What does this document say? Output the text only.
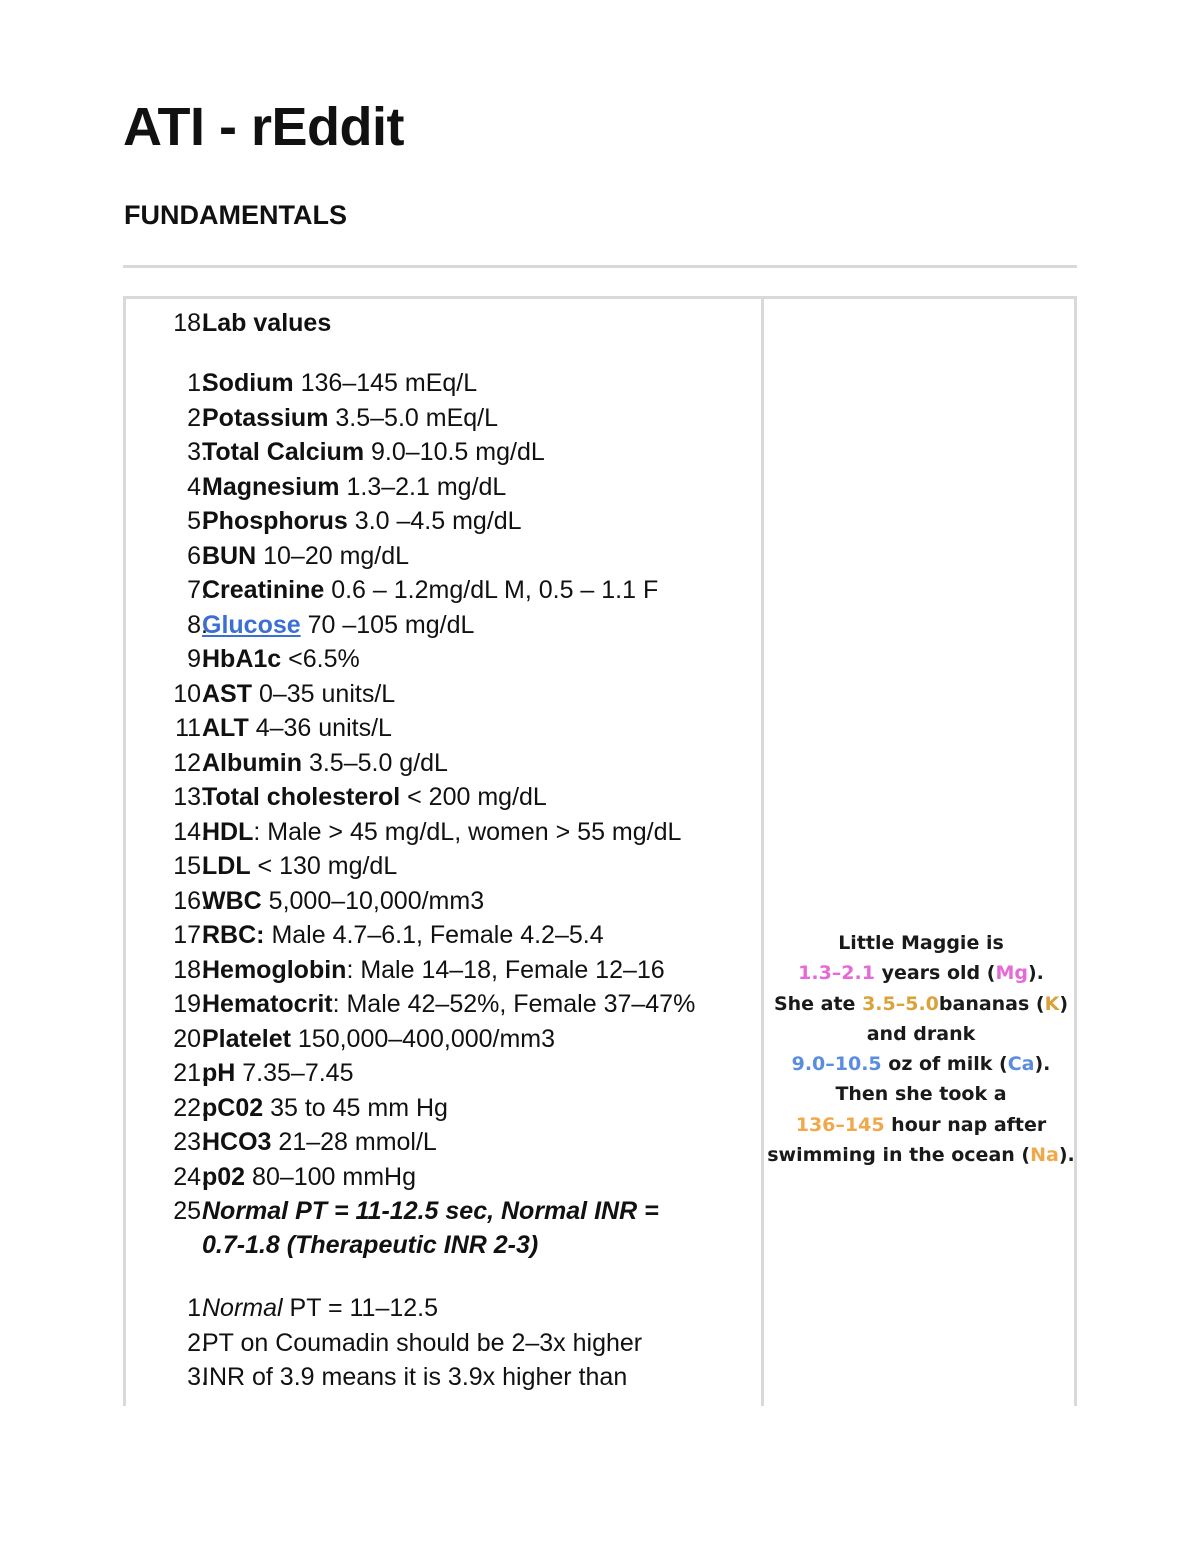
ATI - rEddit
FUNDAMENTALS
18.
Lab values
1.
Sodium 136–145 mEq/L
2.
Potassium 3.5–5.0 mEq/L
3.
Total Calcium 9.0–10.5 mg/dL
4.
Magnesium 1.3–2.1 mg/dL
5.
Phosphorus 3.0 –4.5 mg/dL
6.
BUN 10–20 mg/dL
7.
Creatinine 0.6 – 1.2mg/dL M, 0.5 – 1.1 F
8.
Glucose 70 –105 mg/dL
9.
HbA1c <6.5%
10.
AST 0–35 units/L
11.
ALT 4–36 units/L
12.
Albumin 3.5–5.0 g/dL
13.
Total cholesterol < 200 mg/dL
14.
HDL: Male > 45 mg/dL, women > 55 mg/dL
15.
LDL < 130 mg/dL
16.
WBC 5,000–10,000/mm3
17.
RBC: Male 4.7–6.1, Female 4.2–5.4
18.
Hemoglobin: Male 14–18, Female 12–16
19.
Hematocrit: Male 42–52%, Female 37–47%
20.
Platelet 150,000–400,000/mm3
21.
pH 7.35–7.45
22.
pC02 35 to 45 mm Hg
23.
HCO3 21–28 mmol/L
24.
p02 80–100 mmHg
25.
Normal PT = 11-12.5 sec, Normal INR =
0.7-1.8 (Therapeutic INR 2-3)
1.
Normal PT = 11–12.5
2.
PT on Coumadin should be 2–3x higher
3.
INR of 3.9 means it is 3.9x higher than
Little Maggie is
1.3–2.1 years old (Mg).
She ate 3.5–5.0bananas (K)
and drank
9.0–10.5 oz of milk (Ca).
Then she took a
136–145 hour nap after
swimming in the ocean (Na).
